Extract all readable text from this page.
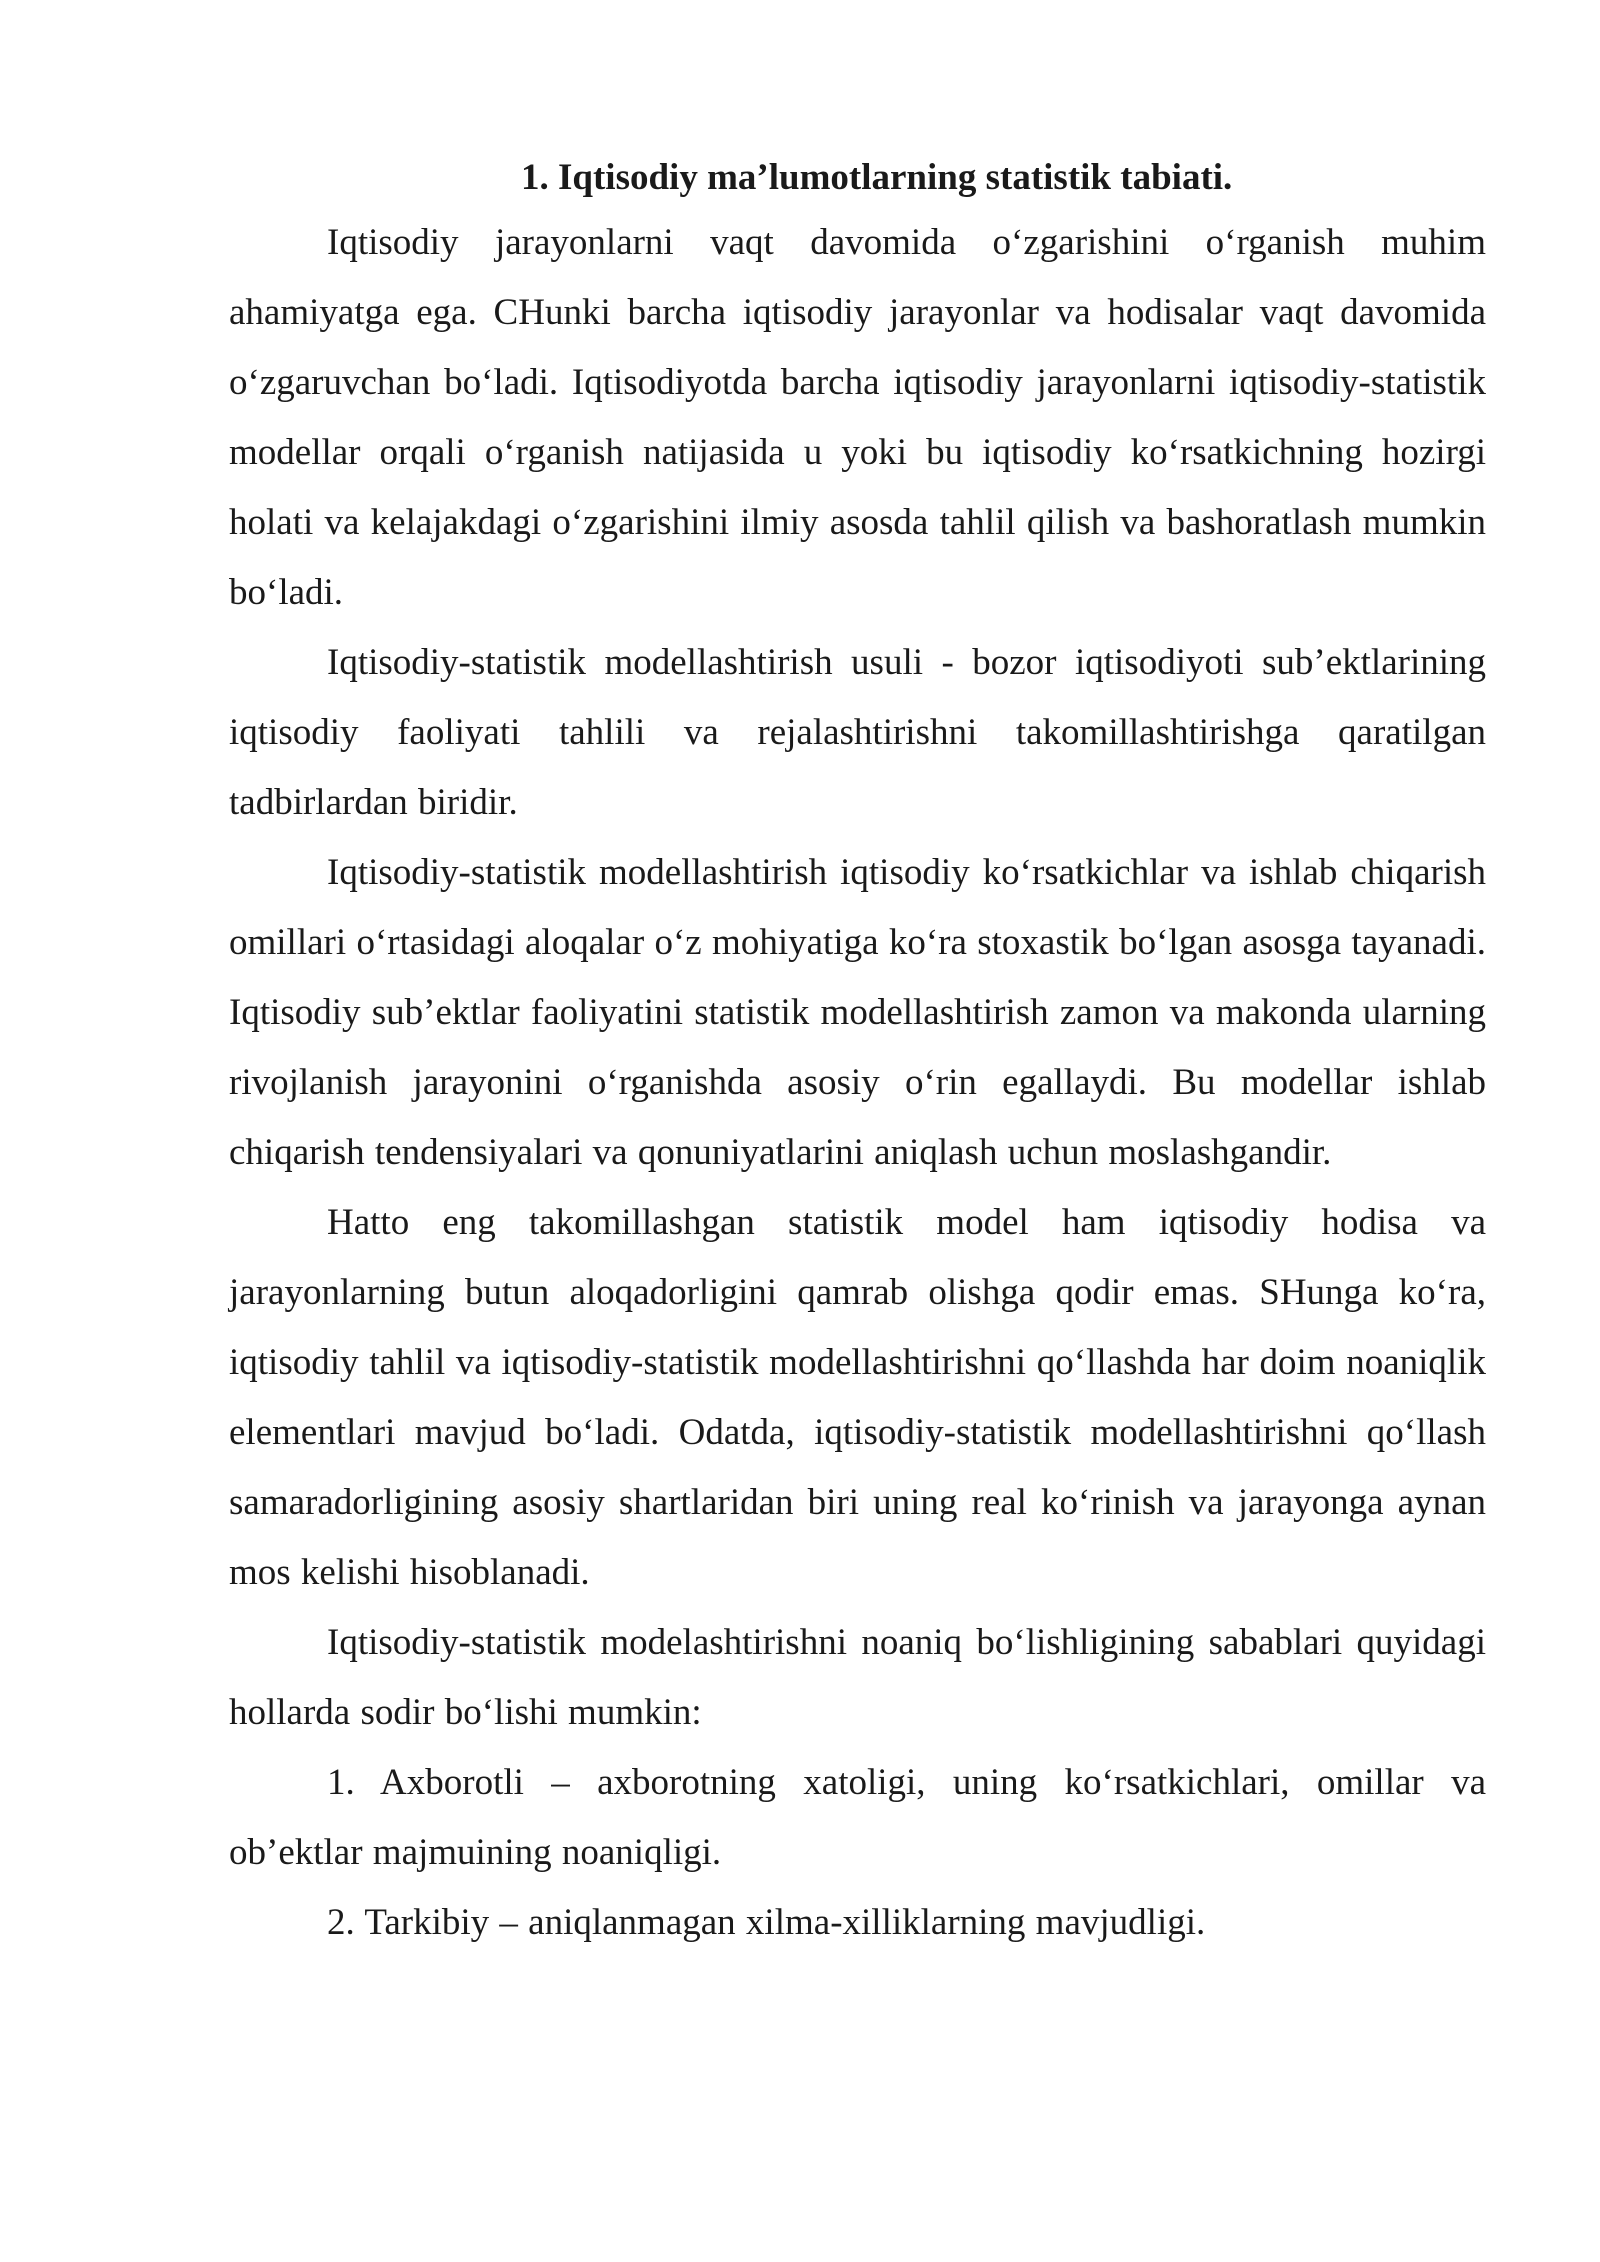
1. Iqtisodiy ma’lumotlarning statistik tabiati.

Iqtisodiy jarayonlarni vaqt davomida o‘zgarishini o‘rganish muhim ahamiyatga ega. CHunki barcha iqtisodiy jarayonlar va hodisalar vaqt davomida o‘zgaruvchan bo‘ladi. Iqtisodiyotda barcha iqtisodiy jarayonlarni iqtisodiy-statistik modellar orqali o‘rganish natijasida u yoki bu iqtisodiy ko‘rsatkichning hozirgi holati va kelajakdagi o‘zgarishini ilmiy asosda tahlil qilish va bashoratlash mumkin bo‘ladi.

Iqtisodiy-statistik modellashtirish usuli - bozor iqtisodiyoti sub’ektlarining iqtisodiy faoliyati tahlili va rejalashtirishni takomillashtirishga qaratilgan tadbirlardan biridir.

Iqtisodiy-statistik modellashtirish iqtisodiy ko‘rsatkichlar va ishlab chiqarish omillari o‘rtasidagi aloqalar o‘z mohiyatiga ko‘ra stoxastik bo‘lgan asosga tayanadi. Iqtisodiy sub’ektlar faoliyatini statistik modellashtirish zamon va makonda ularning rivojlanish jarayonini o‘rganishda asosiy o‘rin egallaydi. Bu modellar ishlab chiqarish tendensiyalari va qonuniyatlarini aniqlash uchun moslashgandir.

Hatto eng takomillashgan statistik model ham iqtisodiy hodisa va jarayonlarning butun aloqadorligini qamrab olishga qodir emas. SHunga ko‘ra, iqtisodiy tahlil va iqtisodiy-statistik modellashtirishni qo‘llashda har doim noaniqlik elementlari mavjud bo‘ladi. Odatda, iqtisodiy-statistik modellashtirishni qo‘llash samaradorligining asosiy shartlaridan biri uning real ko‘rinish va jarayonga aynan mos kelishi hisoblanadi.

Iqtisodiy-statistik modelashtirishni noaniq bo‘lishligining sabablari quyidagi hollarda sodir bo‘lishi mumkin:

1. Axborotli – axborotning xatoligi, uning ko‘rsatkichlari, omillar va ob’ektlar majmuining noaniqligi.

2. Tarkibiy – aniqlanmagan xilma-xilliklarning mavjudligi.
